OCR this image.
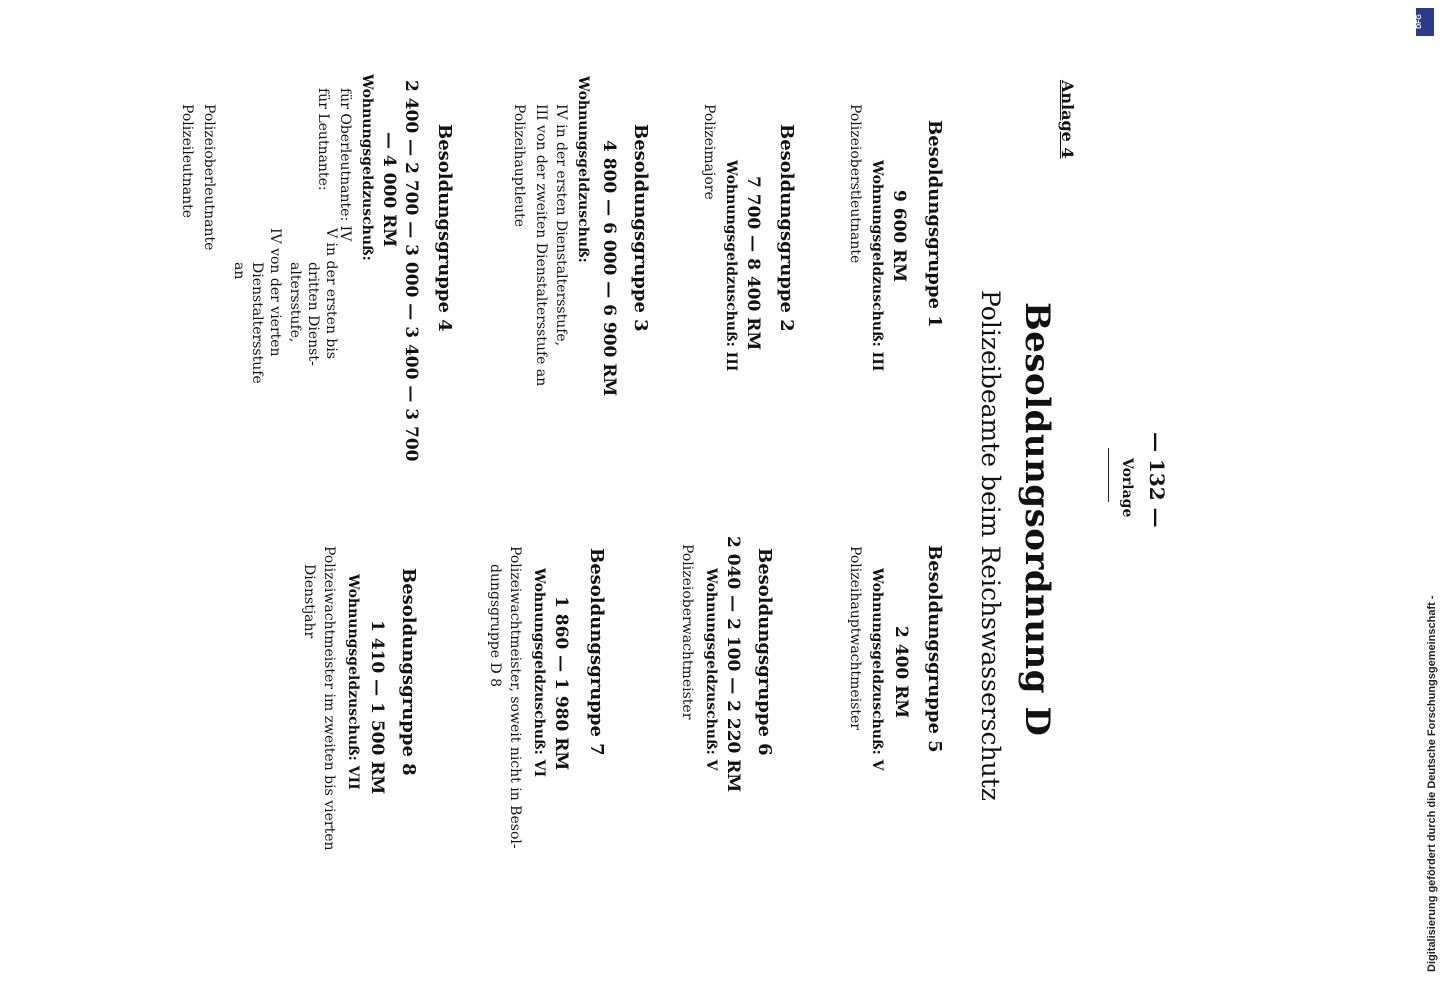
— 132 —
Vorlage
Anlage 4
Besoldungsordnung D
Polizeibeamte beim Reichswasserschutz
Besoldungsgruppe 1
9 600 RM
Wohnungsgeldzuschuß: III
Polizeioberstleutnante
Besoldungsgruppe 2
7 700 — 8 400 RM
Wohnungsgeldzuschuß: III
Polizeimajore
Besoldungsgruppe 3
4 800 — 6 000 — 6 900 RM
Wohnungsgeldzuschuß:
IV in der ersten Dienstaltersstufe,
III von der zweiten Dienstaltersstufe an
Polizeihauptleute
Besoldungsgruppe 4
2 400 — 2 700 — 3 000 — 3 400 — 3 700
— 4 000 RM
Wohnungsgeldzuschuß:
für Oberleutnante: IV
für Leutnante:
V in der ersten bis
dritten Dienst-
altersstufe,
IV von der vierten
Dienstaltersstufe
an
Polizeioberleutnante
Polizeileutnante
Besoldungsgruppe 5
2 400 RM
Wohnungsgeldzuschuß: V
Polizeihauptwachtmeister
Besoldungsgruppe 6
2 040 — 2 100 — 2 220 RM
Wohnungsgeldzuschuß: V
Polizeioberwachtmeister
Besoldungsgruppe 7
1 860 — 1 980 RM
Wohnungsgeldzuschuß: VI
Polizeiwachtmeister, soweit nicht in Besol-
dungsgruppe D 8
Besoldungsgruppe 8
1 410 — 1 500 RM
Wohnungsgeldzuschuß: VII
Polizeiwachtmeister im zweiten bis vierten
Dienstjahr
DFG
Digitalisierung gefördert durch die Deutsche Forschungsgemeinschaft -
